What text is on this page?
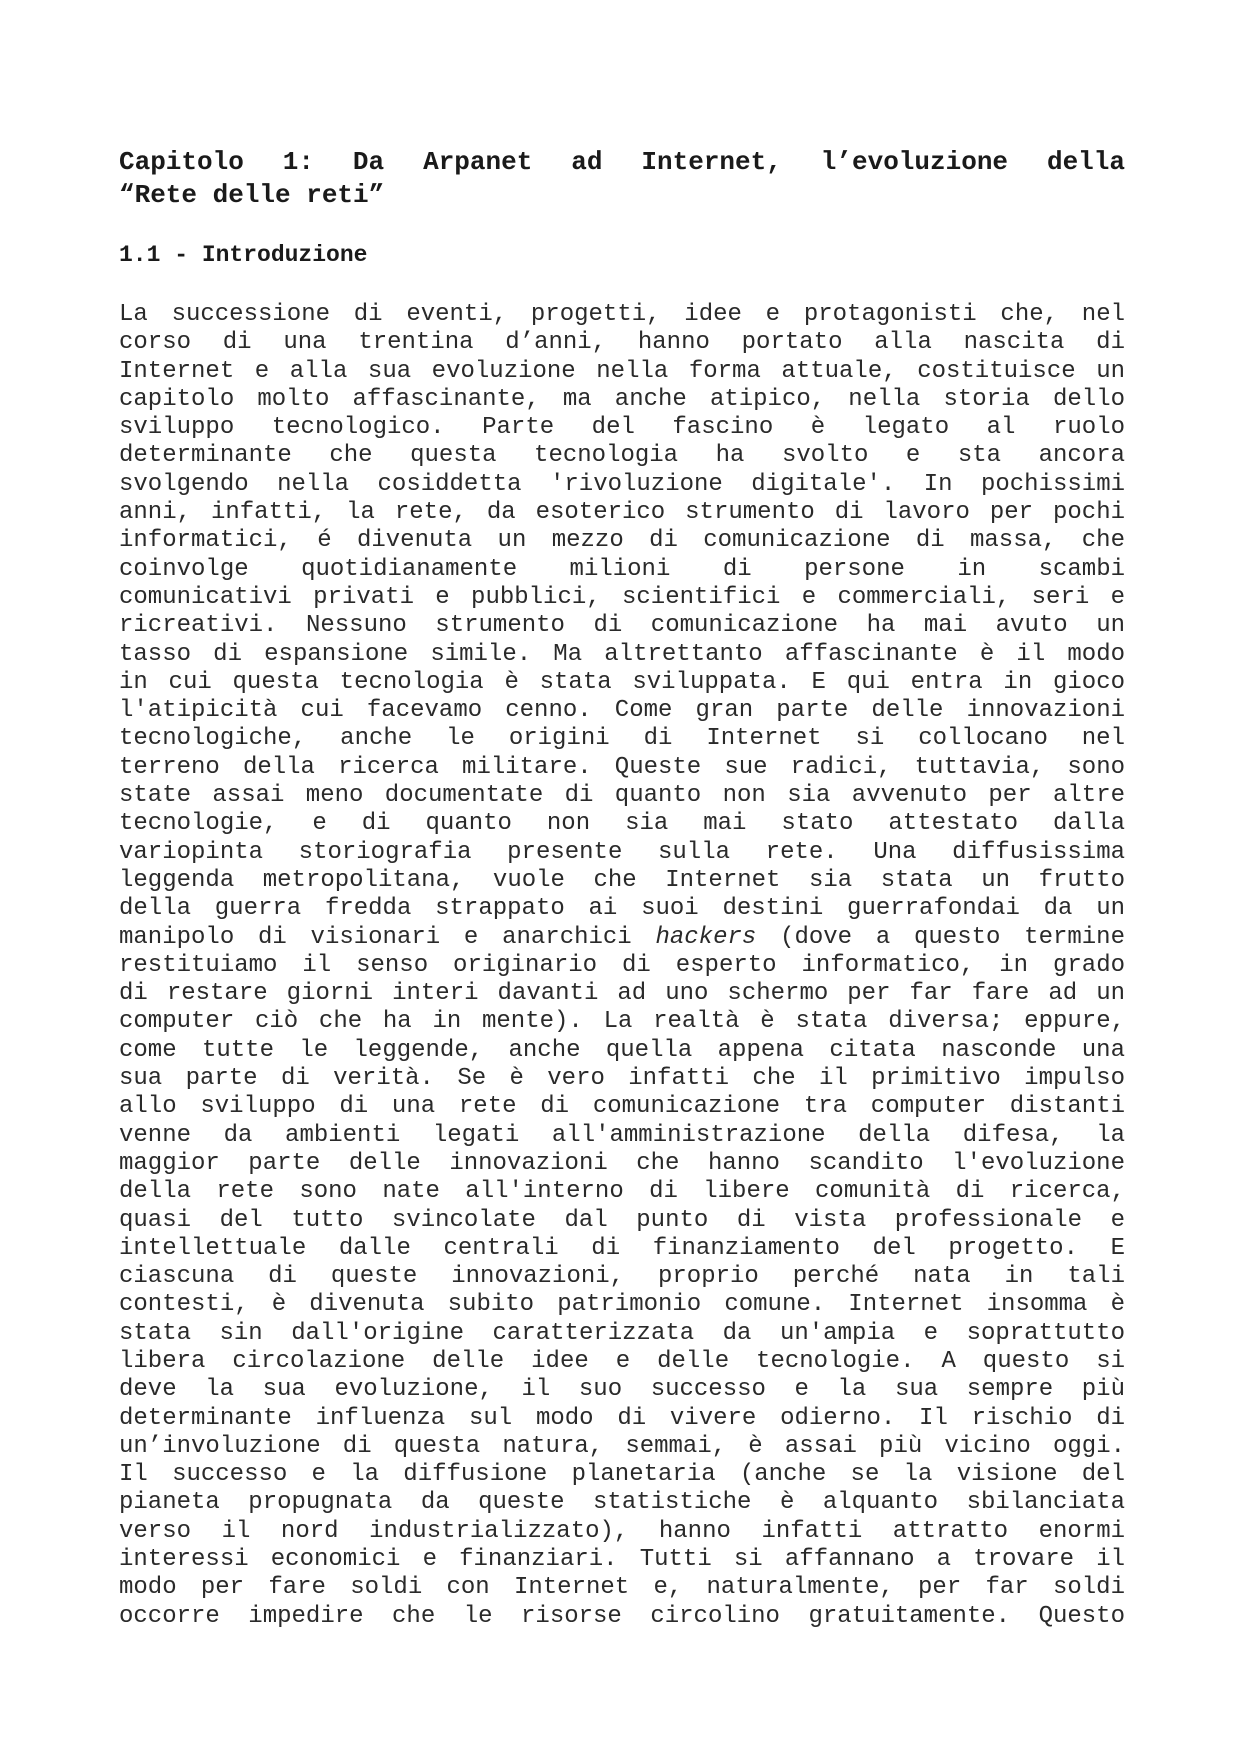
Capitolo 1: Da Arpanet ad Internet, l’evoluzione della
“Rete delle reti”
1.1 - Introduzione
La successione di eventi, progetti, idee e protagonisti che, nel
corso di una trentina d’anni, hanno portato alla nascita di
Internet e alla sua evoluzione nella forma attuale, costituisce un
capitolo molto affascinante, ma anche atipico, nella storia dello
sviluppo tecnologico. Parte del fascino è legato al ruolo
determinante che questa tecnologia ha svolto e sta ancora
svolgendo nella cosiddetta 'rivoluzione digitale'. In pochissimi
anni, infatti, la rete, da esoterico strumento di lavoro per pochi
informatici, é divenuta un mezzo di comunicazione di massa, che
coinvolge quotidianamente milioni di persone in scambi
comunicativi privati e pubblici, scientifici e commerciali, seri e
ricreativi. Nessuno strumento di comunicazione ha mai avuto un
tasso di espansione simile. Ma altrettanto affascinante è il modo
in cui questa tecnologia è stata sviluppata. E qui entra in gioco
l'atipicità cui facevamo cenno. Come gran parte delle innovazioni
tecnologiche, anche le origini di Internet si collocano nel
terreno della ricerca militare. Queste sue radici, tuttavia, sono
state assai meno documentate di quanto non sia avvenuto per altre
tecnologie, e di quanto non sia mai stato attestato dalla
variopinta storiografia presente sulla rete. Una diffusissima
leggenda metropolitana, vuole che Internet sia stata un frutto
della guerra fredda strappato ai suoi destini guerrafondai da un
manipolo di visionari e anarchici hackers (dove a questo termine
restituiamo il senso originario di esperto informatico, in grado
di restare giorni interi davanti ad uno schermo per far fare ad un
computer ciò che ha in mente). La realtà è stata diversa; eppure,
come tutte le leggende, anche quella appena citata nasconde una
sua parte di verità. Se è vero infatti che il primitivo impulso
allo sviluppo di una rete di comunicazione tra computer distanti
venne da ambienti legati all'amministrazione della difesa, la
maggior parte delle innovazioni che hanno scandito l'evoluzione
della rete sono nate all'interno di libere comunità di ricerca,
quasi del tutto svincolate dal punto di vista professionale e
intellettuale dalle centrali di finanziamento del progetto. E
ciascuna di queste innovazioni, proprio perché nata in tali
contesti, è divenuta subito patrimonio comune. Internet insomma è
stata sin dall'origine caratterizzata da un'ampia e soprattutto
libera circolazione delle idee e delle tecnologie. A questo si
deve la sua evoluzione, il suo successo e la sua sempre più
determinante influenza sul modo di vivere odierno. Il rischio di
un’involuzione di questa natura, semmai, è assai più vicino oggi.
Il successo e la diffusione planetaria (anche se la visione del
pianeta propugnata da queste statistiche è alquanto sbilanciata
verso il nord industrializzato), hanno infatti attratto enormi
interessi economici e finanziari. Tutti si affannano a trovare il
modo per fare soldi con Internet e, naturalmente, per far soldi
occorre impedire che le risorse circolino gratuitamente. Questo
